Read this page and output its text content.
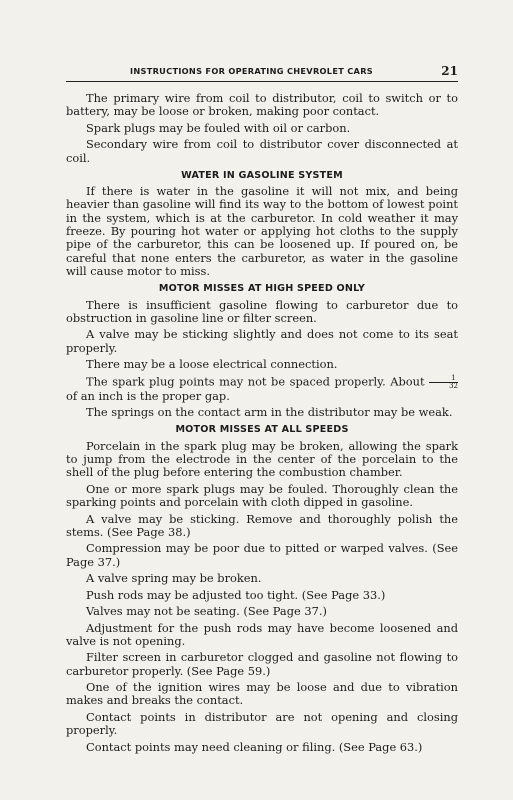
INSTRUCTIONS FOR OPERATING CHEVROLET CARS	21

The primary wire from coil to distributor, coil to switch or to battery, may be loose or broken, making poor contact.

Spark plugs may be fouled with oil or carbon.

Secondary wire from coil to distributor cover disconnected at coil.

WATER IN GASOLINE SYSTEM

If there is water in the gasoline it will not mix, and being heavier than gasoline will find its way to the bottom of lowest point in the system, which is at the carburetor. In cold weather it may freeze. By pouring hot water or applying hot cloths to the supply pipe of the carburetor, this can be loosened up. If poured on, be careful that none enters the carburetor, as water in the gasoline will cause motor to miss.

MOTOR MISSES AT HIGH SPEED ONLY

There is insufficient gasoline flowing to carburetor due to obstruction in gasoline line or filter screen.

A valve may be sticking slightly and does not come to its seat properly.

There may be a loose electrical connection.

The spark plug points may not be spaced properly. About $\frac{1}{32}$
of an inch is the proper gap.

The springs on the contact arm in the distributor may be weak.

MOTOR MISSES AT ALL SPEEDS

Porcelain in the spark plug may be broken, allowing the spark to jump from the electrode in the center of the porcelain to the shell of the plug before entering the combustion chamber.

One or more spark plugs may be fouled. Thoroughly clean the sparking points and porcelain with cloth dipped in gasoline.

A valve may be sticking. Remove and thoroughly polish the stems. (See Page 38.)

Compression may be poor due to pitted or warped valves. (See Page 37.)

A valve spring may be broken.

Push rods may be adjusted too tight. (See Page 33.)

Valves may not be seating. (See Page 37.)

Adjustment for the push rods may have become loosened and valve is not opening.

Filter screen in carburetor clogged and gasoline not flowing to carburetor properly. (See Page 59.)

One of the ignition wires may be loose and due to vibration makes and breaks the contact.

Contact points in distributor are not opening and closing properly.

Contact points may need cleaning or filing. (See Page 63.)
